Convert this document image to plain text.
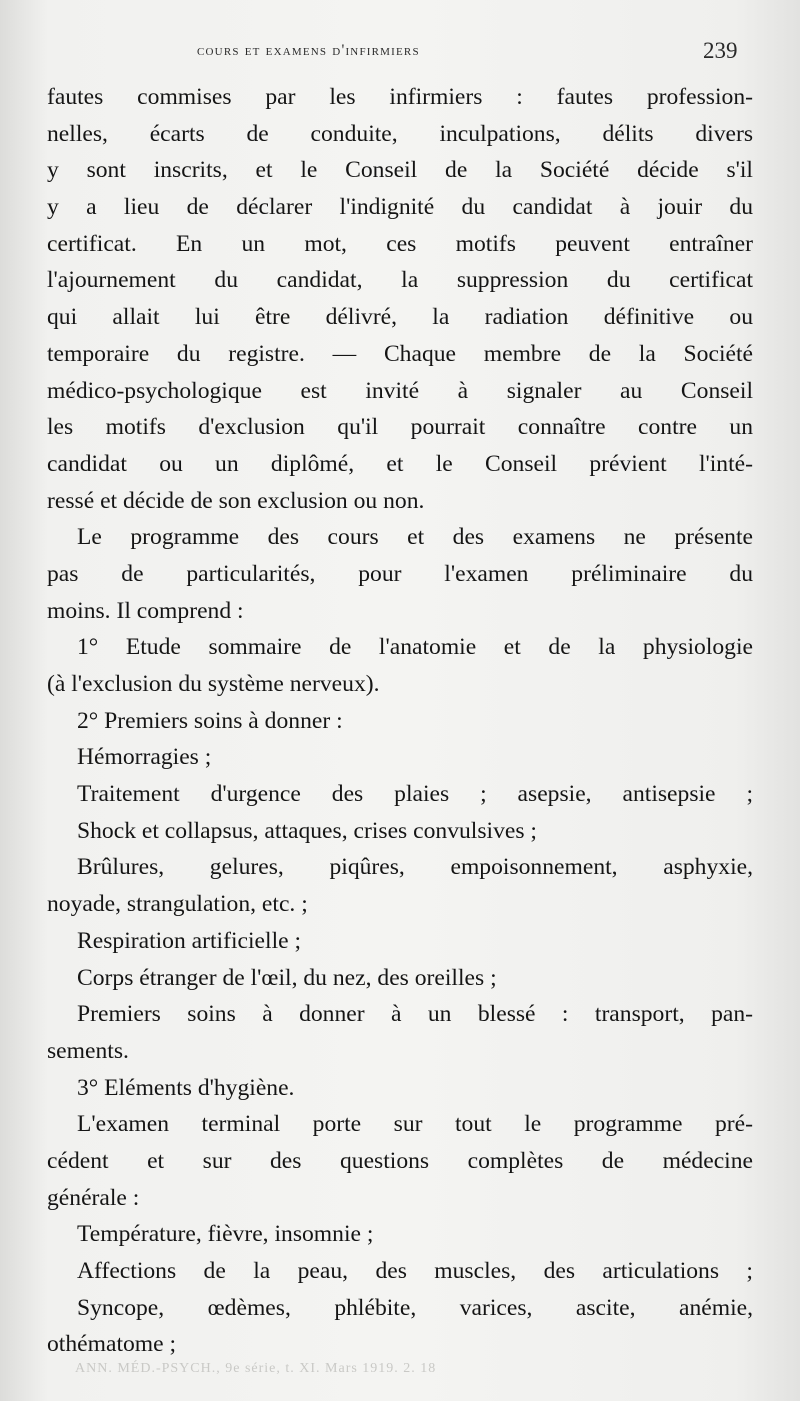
cours et examens d'infirmiers	239
fautes commises par les infirmiers : fautes profession-
nelles, écarts de conduite, inculpations, délits divers
y sont inscrits, et le Conseil de la Société décide s'il
y a lieu de déclarer l'indignité du candidat à jouir du
certificat. En un mot, ces motifs peuvent entraîner
l'ajournement du candidat, la suppression du certificat
qui allait lui être délivré, la radiation définitive ou
temporaire du registre. — Chaque membre de la Société
médico-psychologique est invité à signaler au Conseil
les motifs d'exclusion qu'il pourrait connaître contre un
candidat ou un diplômé, et le Conseil prévient l'inté-
ressé et décide de son exclusion ou non.
Le programme des cours et des examens ne présente
pas de particularités, pour l'examen préliminaire du
moins. Il comprend :
1° Etude sommaire de l'anatomie et de la physiologie
(à l'exclusion du système nerveux).
2° Premiers soins à donner :
Hémorragies ;
Traitement d'urgence des plaies ; asepsie, antisepsie ;
Shock et collapsus, attaques, crises convulsives ;
Brûlures, gelures, piqûres, empoisonnement, asphyxie,
noyade, strangulation, etc. ;
Respiration artificielle ;
Corps étranger de l'œil, du nez, des oreilles ;
Premiers soins à donner à un blessé : transport, pan-
sements.
3° Eléments d'hygiène.
L'examen terminal porte sur tout le programme pré-
cédent et sur des questions complètes de médecine
générale :
Température, fièvre, insomnie ;
Affections de la peau, des muscles, des articulations ;
Syncope, œdèmes, phlébite, varices, ascite, anémie,
othématome ;
ANN. MÉD.-PSYCH., 9e série, t. XI. Mars 1919. 2. 18
